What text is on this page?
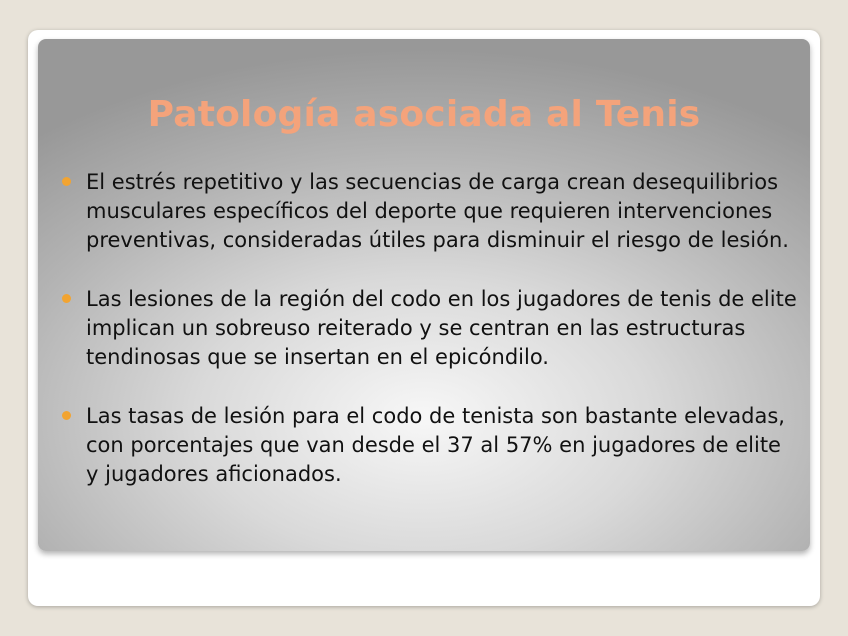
Patología asociada al Tenis
El estrés repetitivo y las secuencias de carga crean desequilibrios musculares específicos del deporte que requieren intervenciones preventivas, consideradas útiles para disminuir el riesgo de lesión.
Las lesiones de la región del codo en los jugadores de tenis de elite implican un sobreuso reiterado y se centran en las estructuras tendinosas que se insertan en el epicóndilo.
Las tasas de lesión para el codo de tenista son bastante elevadas, con porcentajes que van desde el 37 al 57% en jugadores de elite y jugadores aficionados.
